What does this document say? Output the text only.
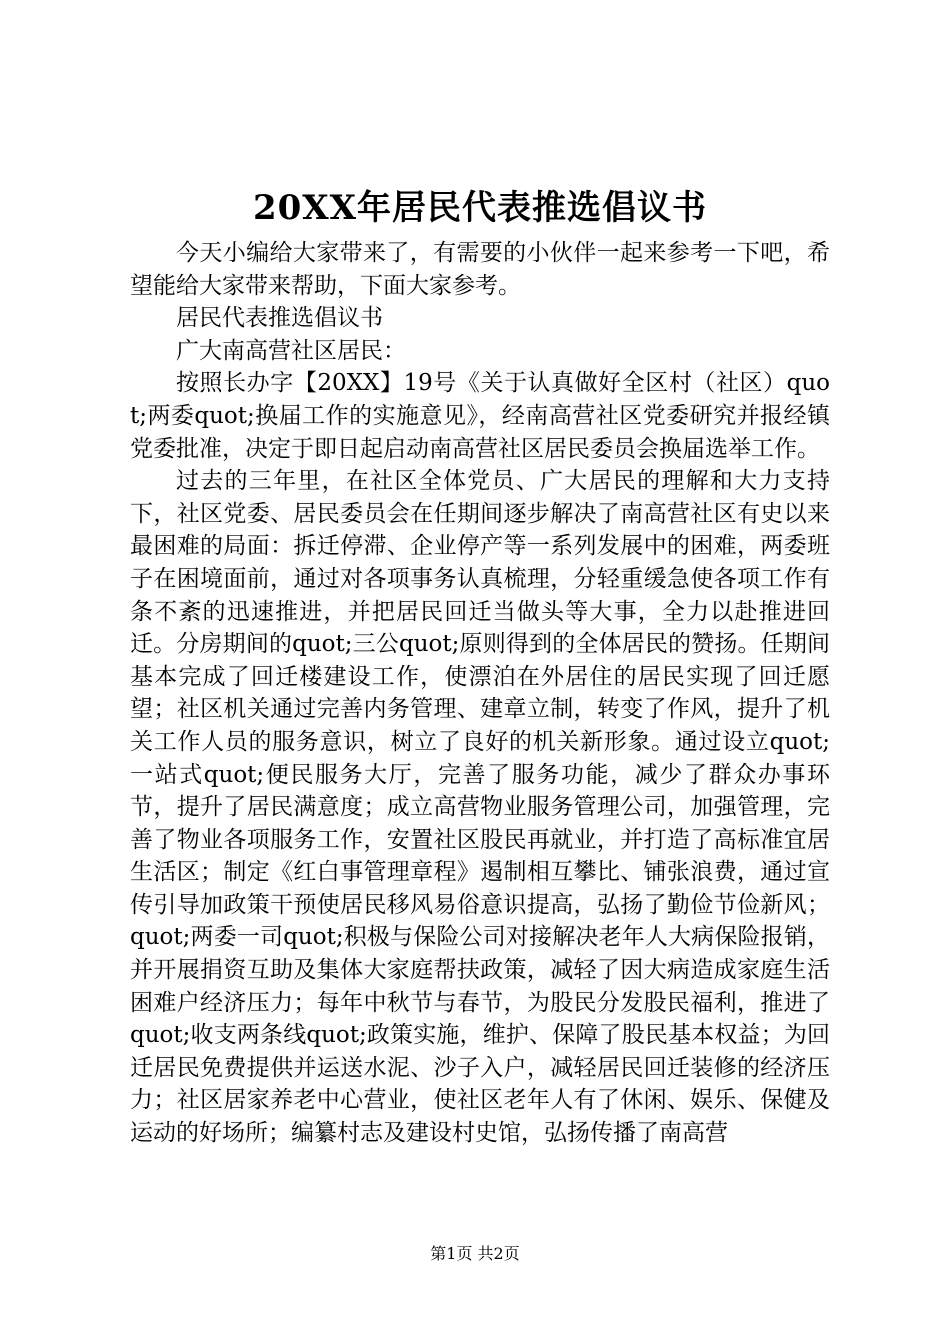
20XX年居民代表推选倡议书

今天小编给大家带来了，有需要的小伙伴一起来参考一下吧，希望能给大家带来帮助，下面大家参考。

居民代表推选倡议书

广大南高营社区居民：

按照长办字【20XX】19号《关于认真做好全区村（社区）quot;两委quot;换届工作的实施意见》，经南高营社区党委研究并报经镇党委批准，决定于即日起启动南高营社区居民委员会换届选举工作。

过去的三年里，在社区全体党员、广大居民的理解和大力支持下，社区党委、居民委员会在任期间逐步解决了南高营社区有史以来最困难的局面：拆迁停滞、企业停产等一系列发展中的困难，两委班子在困境面前，通过对各项事务认真梳理，分轻重缓急使各项工作有条不紊的迅速推进，并把居民回迁当做头等大事，全力以赴推进回迁。分房期间的quot;三公quot;原则得到的全体居民的赞扬。任期间基本完成了回迁楼建设工作，使漂泊在外居住的居民实现了回迁愿望；社区机关通过完善内务管理、建章立制，转变了作风，提升了机关工作人员的服务意识，树立了良好的机关新形象。通过设立quot;一站式quot;便民服务大厅，完善了服务功能，减少了群众办事环节，提升了居民满意度；成立高营物业服务管理公司，加强管理，完善了物业各项服务工作，安置社区股民再就业，并打造了高标准宜居生活区；制定《红白事管理章程》遏制相互攀比、铺张浪费，通过宣传引导加政策干预使居民移风易俗意识提高，弘扬了勤俭节俭新风；quot;两委一司quot;积极与保险公司对接解决老年人大病保险报销，并开展捐资互助及集体大家庭帮扶政策，减轻了因大病造成家庭生活困难户经济压力；每年中秋节与春节，为股民分发股民福利，推进了quot;收支两条线quot;政策实施，维护、保障了股民基本权益；为回迁居民免费提供并运送水泥、沙子入户，减轻居民回迁装修的经济压力；社区居家养老中心营业，使社区老年人有了休闲、娱乐、保健及运动的好场所；编纂村志及建设村史馆，弘扬传播了南高营

第1页 共2页
